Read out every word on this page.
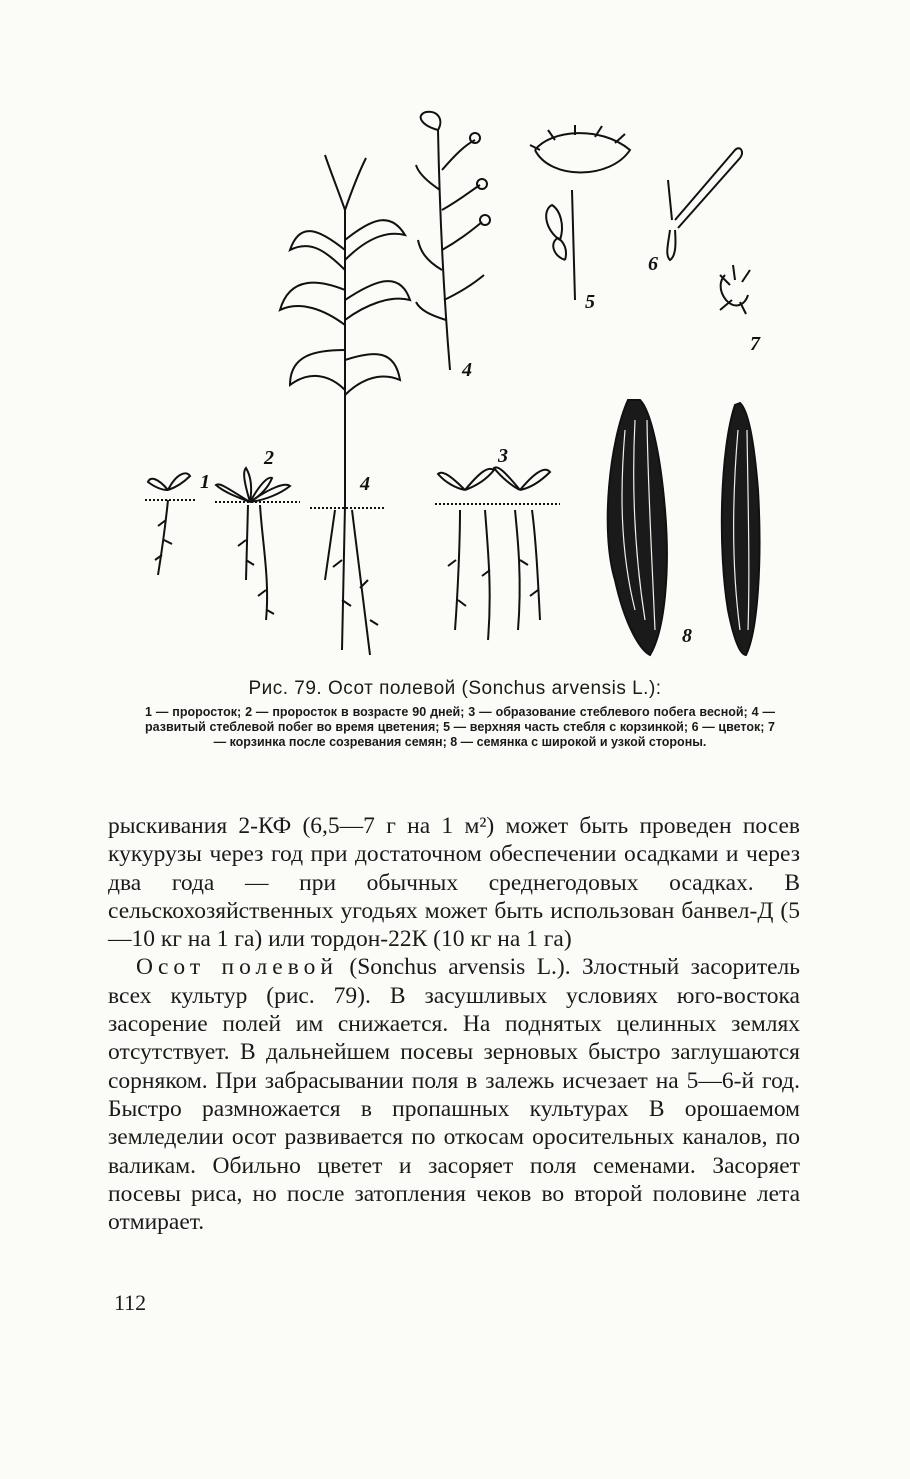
1
2	3
4
4
5
6
7
8
Рис. 79. Осот полевой (Sonchus arvensis L.):
1 — проросток; 2 — проросток в возрасте 90 дней; 3 — образование стеблевого побега весной; 4 — развитый стеблевой побег во время цветения; 5 — верхняя часть стебля с корзинкой; 6 — цветок; 7 — корзинка после созревания семян; 8 — семянка с широкой и узкой стороны.

рыскивания 2-КФ (6,5—7 г на 1 м²) может быть проведен посев кукурузы через год при достаточном обеспечении осадками и через два года — при обычных среднегодовых осадках. В сельскохозяйственных угодьях может быть использован банвел-Д (5—10 кг на 1 га) или тордон-22К (10 кг на 1 га)

Осот полевой (Sonchus arvensis L.). Злостный засоритель всех культур (рис. 79). В засушливых условиях юго-востока засорение полей им снижается. На поднятых целинных землях отсутствует. В дальнейшем посевы зерновых быстро заглушаются сорняком. При забрасывании поля в залежь исчезает на 5—6-й год. Быстро размножается в пропашных культурах В орошаемом земледелии осот развивается по откосам оросительных каналов, по валикам. Обильно цветет и засоряет поля семенами. Засоряет посевы риса, но после затопления чеков во второй половине лета отмирает.

112
